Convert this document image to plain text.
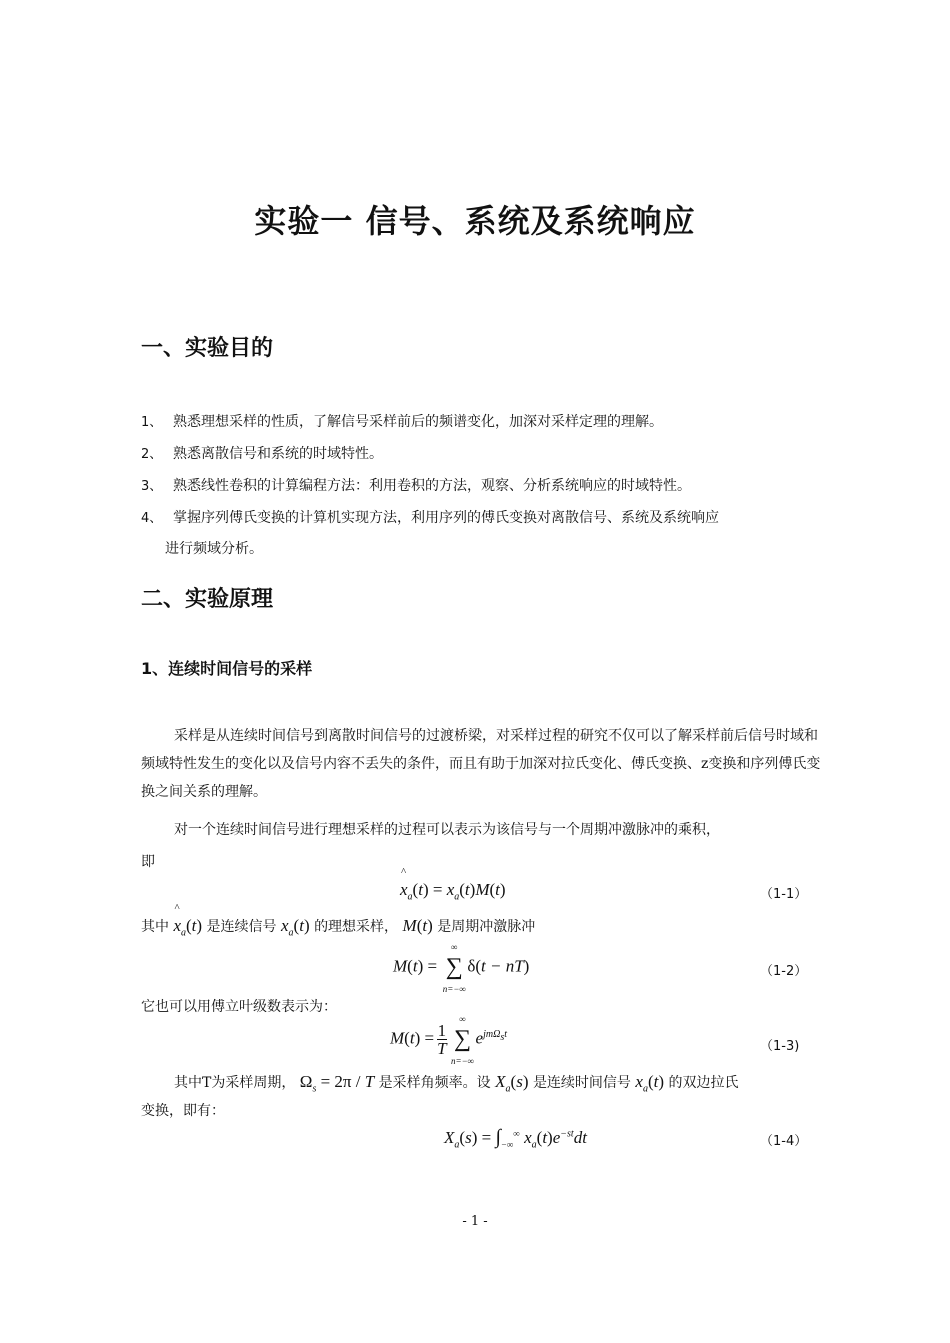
实验一 信号、系统及系统响应
一、实验目的
1、 熟悉理想采样的性质，了解信号采样前后的频谱变化，加深对采样定理的理解。
2、 熟悉离散信号和系统的时域特性。
3、 熟悉线性卷积的计算编程方法：利用卷积的方法，观察、分析系统响应的时域特性。
4、 掌握序列傅氏变换的计算机实现方法，利用序列的傅氏变换对离散信号、系统及系统响应
进行频域分析。
二、实验原理
1、连续时间信号的采样

采样是从连续时间信号到离散时间信号的过渡桥梁，对采样过程的研究不仅可以了解采样前后信号时域和频域特性发生的变化以及信号内容不丢失的条件，而且有助于加深对拉氏变化、傅氏变换、z变换和序列傅氏变换之间关系的理解。

对一个连续时间信号进行理想采样的过程可以表示为该信号与一个周期冲激脉冲的乘积，

即
^ $x_a(t) = x_a(t)M(t)$	（1-1）
其中 ^ $x_a(t)$ 是连续信号 $x_a(t)$ 的理想采样， M(t) 是周期冲激脉冲
M(t) =
∞
∑
n=−∞
δ(t − nT)	（1-2）
它也可以用傅立叶级数表示为：
$M(t) = \frac{1}{T}$
∞
∑
n=−∞
$e^{jm\Omega_st}$
（1-3)
其中T为采样周期， $\Omega_s = 2\pi / T$ 是采样角频率。设 $X_a(s)$ 是连续时间信号 $x_a(t)$ 的双边拉氏
变换，即有：
$X_a(s) = \int_{-\infty}^\infty$ $x_a(t)e^{-st}dt$	（1-4）
- 1 -
